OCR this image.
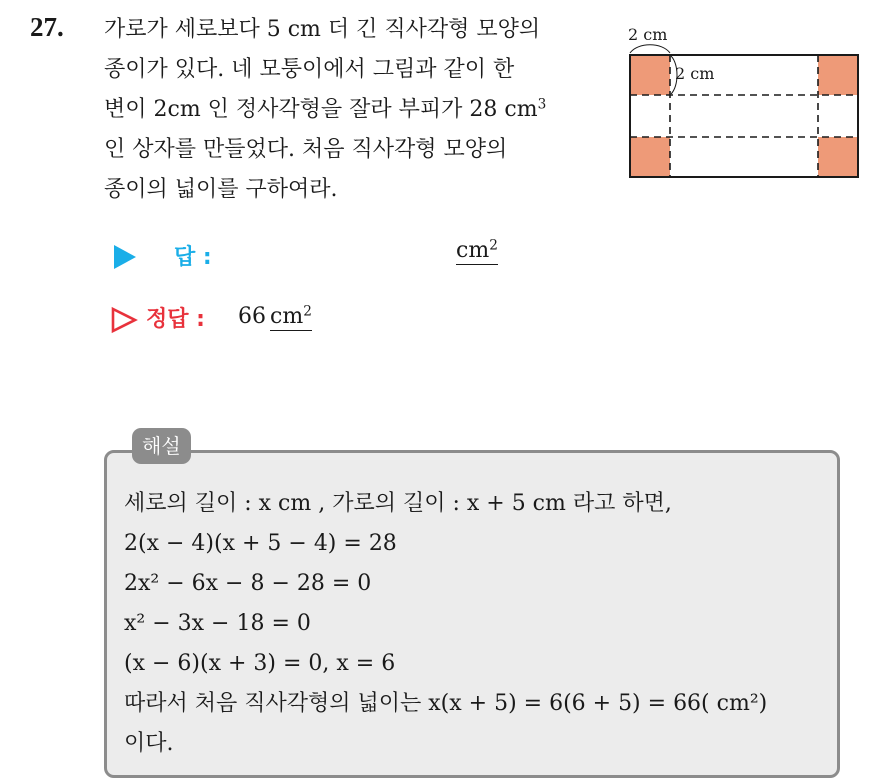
27. 가로가 세로보다 5 cm 더 긴 직사각형 모양의
종이가 있다. 네 모퉁이에서 그림과 같이 한
변이 2cm 인 정사각형을 잘라 부피가 28 $cm^3$
인 상자를 만들었다. 처음 직사각형 모양의
종이의 넓이를 구하여라.
2 cm
2 cm
답 :	$cm^2$
정답 : 66 $cm^2$
해설
세로의 길이 : x cm , 가로의 길이 : x + 5 cm 라고 하면,
2(x − 4)(x + 5 − 4) = 28
2x² − 6x − 8 − 28 = 0
x² − 3x − 18 = 0
(x − 6)(x + 3) = 0, x = 6
따라서 처음 직사각형의 넓이는 x(x + 5) = 6(6 + 5) = 66( cm²)
이다.
